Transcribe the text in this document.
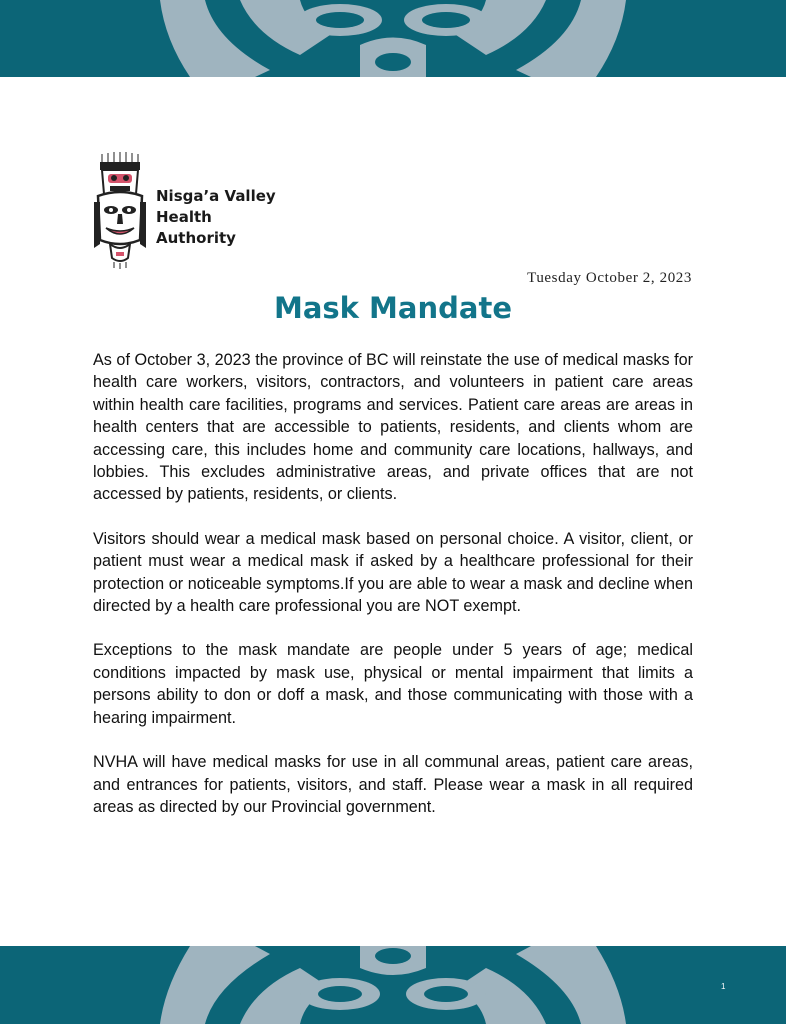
Nisga’a Valley
Health Authority
Tuesday October 2, 2023
Mask Mandate

As of October 3, 2023 the province of BC will reinstate the use of medical masks for health care workers, visitors, contractors, and volunteers in patient care areas within health care facilities, programs and services. Patient care areas are areas in health centers that are accessible to patients, residents, and clients whom are accessing care, this includes home and community care locations, hallways, and lobbies. This excludes administrative areas, and private offices that are not accessed by patients, residents, or clients.

Visitors should wear a medical mask based on personal choice. A visitor, client, or patient must wear a medical mask if asked by a healthcare professional for their protection or noticeable symptoms.If you are able to wear a mask and decline when directed by a health care professional you are NOT exempt.

Exceptions to the mask mandate are people under 5 years of age; medical conditions impacted by mask use, physical or mental impairment that limits a persons ability to don or doff a mask, and those communicating with those with a hearing impairment.

NVHA will have medical masks for use in all communal areas, patient care areas, and entrances for patients, visitors, and staff. Please wear a mask in all required areas as directed by our Provincial government.

1
